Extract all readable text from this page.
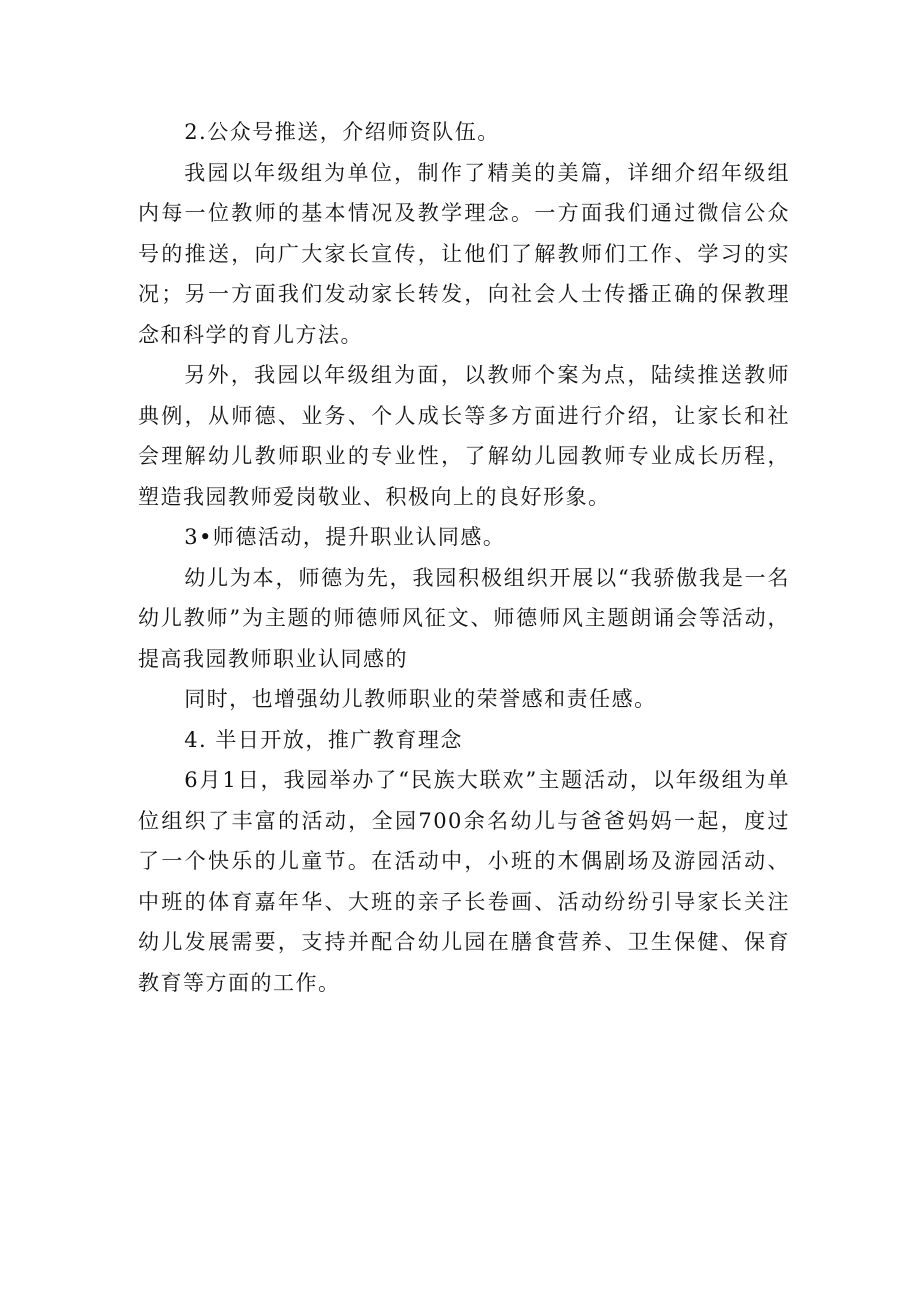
2.公众号推送，介绍师资队伍。

我园以年级组为单位，制作了精美的美篇，详细介绍年级组内每一位教师的基本情况及教学理念。一方面我们通过微信公众号的推送，向广大家长宣传，让他们了解教师们工作、学习的实况；另一方面我们发动家长转发，向社会人士传播正确的保教理念和科学的育儿方法。

另外，我园以年级组为面，以教师个案为点，陆续推送教师典例，从师德、业务、个人成长等多方面进行介绍，让家长和社会理解幼儿教师职业的专业性，了解幼儿园教师专业成长历程，塑造我园教师爱岗敬业、积极向上的良好形象。

3•师德活动，提升职业认同感。

幼儿为本，师德为先，我园积极组织开展以“我骄傲我是一名幼儿教师”为主题的师德师风征文、师德师风主题朗诵会等活动，提高我园教师职业认同感的

同时，也增强幼儿教师职业的荣誉感和责任感。

4. 半日开放，推广教育理念

6月1日，我园举办了“民族大联欢”主题活动，以年级组为单位组织了丰富的活动，全园700余名幼儿与爸爸妈妈一起，度过了一个快乐的儿童节。在活动中，小班的木偶剧场及游园活动、中班的体育嘉年华、大班的亲子长卷画、活动纷纷引导家长关注幼儿发展需要，支持并配合幼儿园在膳食营养、卫生保健、保育教育等方面的工作。
